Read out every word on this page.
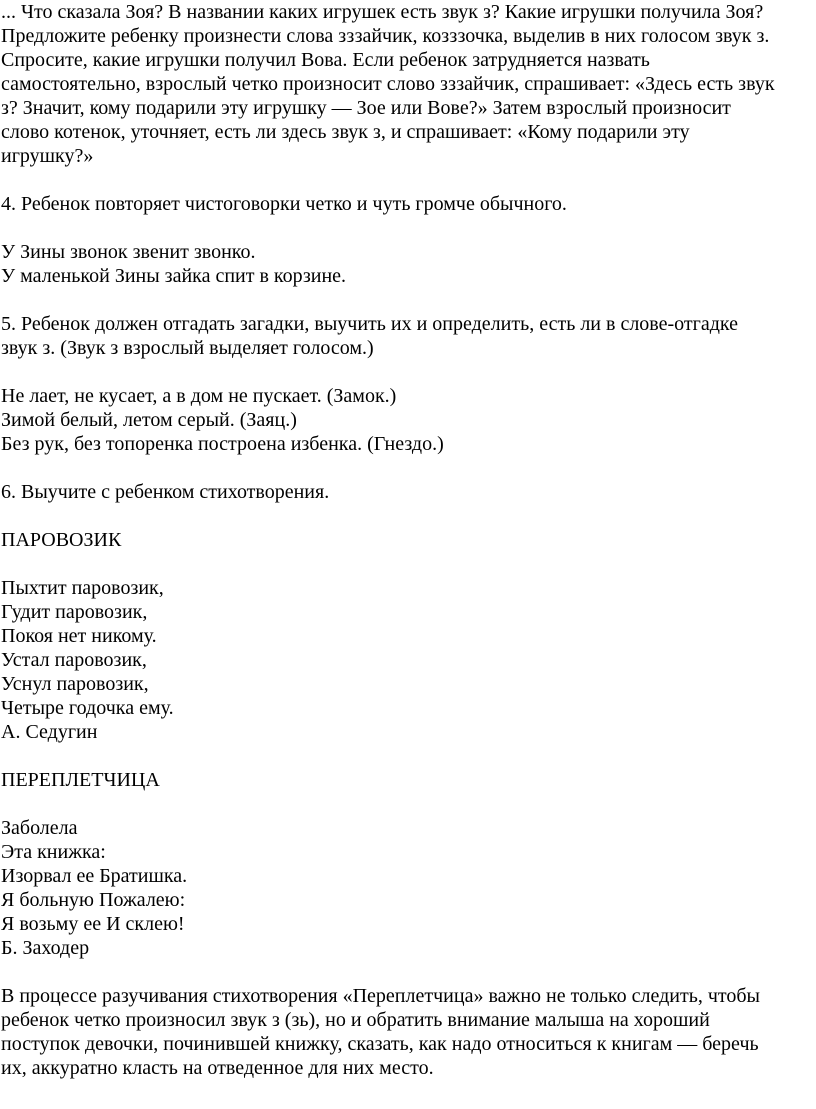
... Что сказала Зоя? В названии каких игрушек есть звук з? Какие игрушки получила Зоя?
Предложите ребенку произнести слова зззайчик, козззочка, выделив в них голосом звук з.
Спросите, какие игрушки получил Вова. Если ребенок затрудняется назвать
самостоятельно, взрослый четко произносит слово зззайчик, спрашивает: «Здесь есть звук
з? Значит, кому подарили эту игрушку — Зое или Вове?» Затем взрослый произносит
слово котенок, уточняет, есть ли здесь звук з, и спрашивает: «Кому подарили эту
игрушку?»
4. Ребенок повторяет чистоговорки четко и чуть громче обычного.
У Зины звонок звенит звонко.
У маленькой Зины зайка спит в корзине.
5. Ребенок должен отгадать загадки, выучить их и определить, есть ли в слове-отгадке
звук з. (Звук з взрослый выделяет голосом.)
Не лает, не кусает, а в дом не пускает. (Замок.)
Зимой белый, летом серый. (Заяц.)
Без рук, без топоренка построена избенка. (Гнездо.)
6. Выучите с ребенком стихотворения.
ПАРОВОЗИК
Пыхтит паровозик,
Гудит паровозик,
Покоя нет никому.
Устал паровозик,
Уснул паровозик,
Четыре годочка ему.
А. Седугин
ПЕРЕПЛЕТЧИЦА
Заболела
Эта книжка:
Изорвал ее Братишка.
Я больную Пожалею:
Я возьму ее И склею!
Б. Заходер
В процессе разучивания стихотворения «Переплетчица» важно не только следить, чтобы
ребенок четко произносил звук з (зь), но и обратить внимание малыша на хороший
поступок девочки, починившей книжку, сказать, как надо относиться к книгам — беречь
их, аккуратно класть на отведенное для них место.
